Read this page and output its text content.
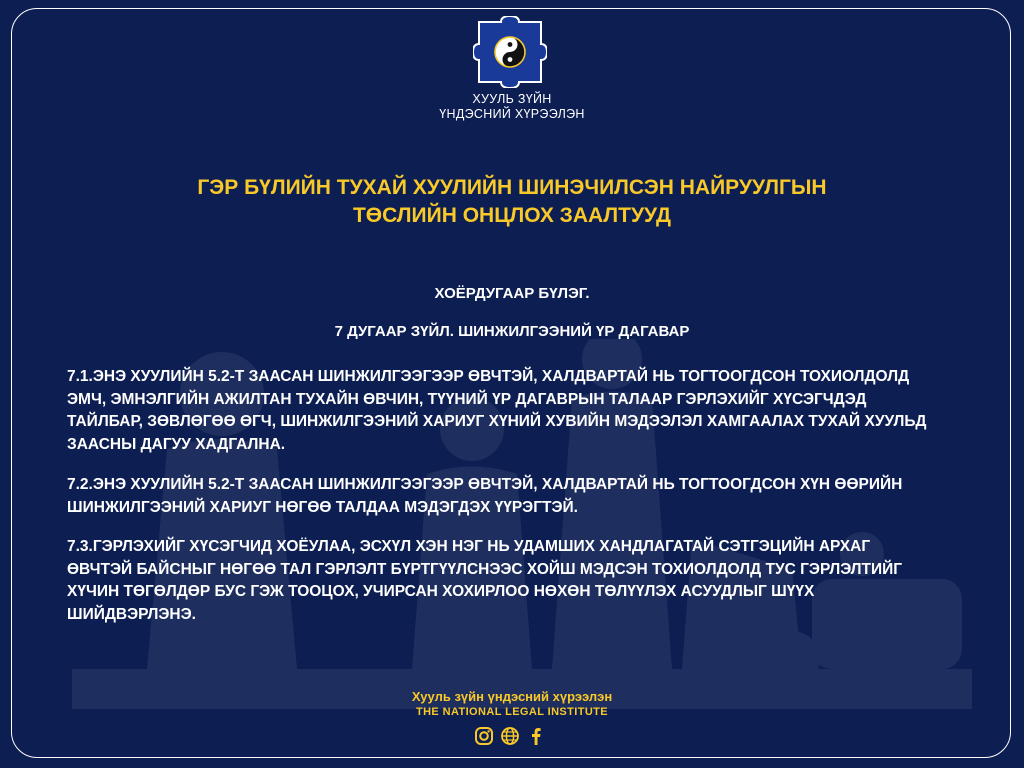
ХУУЛЬ ЗҮЙН
ҮНДЭСНИЙ ХҮРЭЭЛЭН
ГЭР БҮЛИЙН ТУХАЙ ХУУЛИЙН ШИНЭЧИЛСЭН НАЙРУУЛГЫН
ТӨСЛИЙН ОНЦЛОХ ЗААЛТУУД
ХОЁРДУГААР БҮЛЭГ.
7 ДУГААР ЗҮЙЛ. ШИНЖИЛГЭЭНИЙ ҮР ДАГАВАР
7.1.ЭНЭ ХУУЛИЙН 5.2-Т ЗААСАН ШИНЖИЛГЭЭГЭЭР ӨВЧТЭЙ, ХАЛДВАРТАЙ НЬ ТОГТООГДСОН ТОХИОЛДОЛД
ЭМЧ, ЭМНЭЛГИЙН АЖИЛТАН ТУХАЙН ӨВЧИН, ТҮҮНИЙ ҮР ДАГАВРЫН ТАЛААР ГЭРЛЭХИЙГ ХҮСЭГЧДЭД
ТАЙЛБАР, ЗӨВЛӨГӨӨ ӨГЧ, ШИНЖИЛГЭЭНИЙ ХАРИУГ ХҮНИЙ ХУВИЙН МЭДЭЭЛЭЛ ХАМГААЛАХ ТУХАЙ ХУУЛЬД
ЗААСНЫ ДАГУУ ХАДГАЛНА.
7.2.ЭНЭ ХУУЛИЙН 5.2-Т ЗААСАН ШИНЖИЛГЭЭГЭЭР ӨВЧТЭЙ, ХАЛДВАРТАЙ НЬ ТОГТООГДСОН ХҮН ӨӨРИЙН
ШИНЖИЛГЭЭНИЙ ХАРИУГ НӨГӨӨ ТАЛДАА МЭДЭГДЭХ ҮҮРЭГТЭЙ.
7.3.ГЭРЛЭХИЙГ ХҮСЭГЧИД ХОЁУЛАА, ЭСХҮЛ ХЭН НЭГ НЬ УДАМШИХ ХАНДЛАГАТАЙ СЭТГЭЦИЙН АРХАГ
ӨВЧТЭЙ БАЙСНЫГ НӨГӨӨ ТАЛ ГЭРЛЭЛТ БҮРТГҮҮЛСНЭЭС ХОЙШ МЭДСЭН ТОХИОЛДОЛД ТУС ГЭРЛЭЛТИЙГ
ХҮЧИН ТӨГӨЛДӨР БУС ГЭЖ ТООЦОХ, УЧИРСАН ХОХИРЛОО НӨХӨН ТӨЛҮҮЛЭХ АСУУДЛЫГ ШҮҮХ
ШИЙДВЭРЛЭНЭ.
Хууль зүйн үндэсний хүрээлэн
THE NATIONAL LEGAL INSTITUTE
